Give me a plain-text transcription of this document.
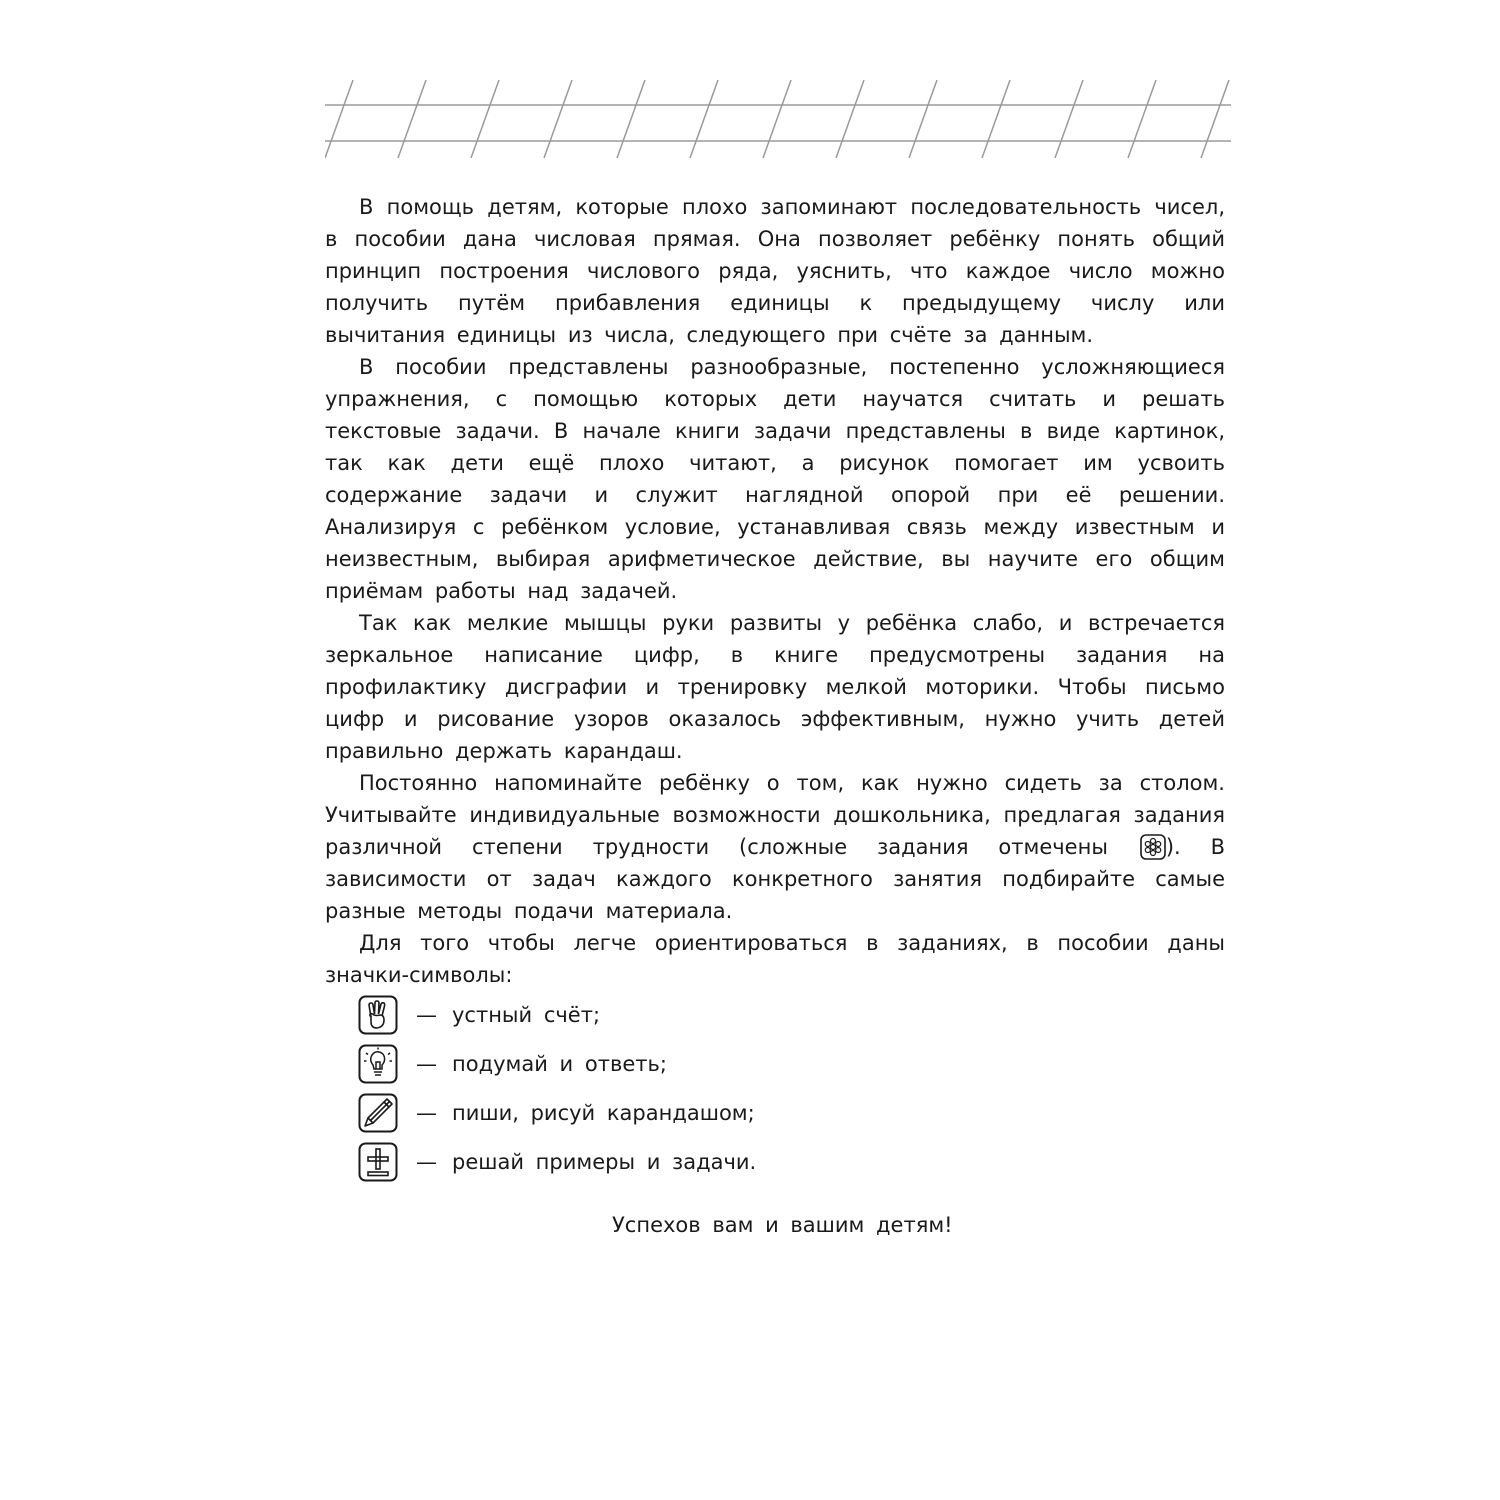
В помощь детям, которые плохо запоминают последовательность чисел, в пособии дана числовая прямая. Она позволяет ребёнку понять общий принцип построения числового ряда, уяснить, что каждое число можно получить путём прибавления единицы к предыдущему числу или вычитания единицы из числа, следующего при счёте за данным.

В пособии представлены разнообразные, постепенно усложняющиеся упражнения, с помощью которых дети научатся считать и решать текстовые задачи. В начале книги задачи представлены в виде картинок, так как дети ещё плохо читают, а рисунок помогает им усвоить содержание задачи и служит наглядной опорой при её решении. Анализируя с ребёнком условие, устанавливая связь между известным и неизвестным, выбирая арифметическое действие, вы научите его общим приёмам работы над задачей.

Так как мелкие мышцы руки развиты у ребёнка слабо, и встречается зеркальное написание цифр, в книге предусмотрены задания на профилактику дисграфии и тренировку мелкой моторики. Чтобы письмо цифр и рисование узоров оказалось эффективным, нужно учить детей правильно держать карандаш.

Постоянно напоминайте ребёнку о том, как нужно сидеть за столом. Учитывайте индивидуальные возможности дошкольника, предлагая задания различной степени трудности (сложные задания отмечены ). В зависимости от задач каждого конкретного занятия подбирайте самые разные методы подачи материала.

Для того чтобы легче ориентироваться в заданиях, в пособии даны значки-символы:

— устный счёт;
— подумай и ответь;
— пиши, рисуй карандашом;
— решай примеры и задачи.
Успехов вам и вашим детям!
